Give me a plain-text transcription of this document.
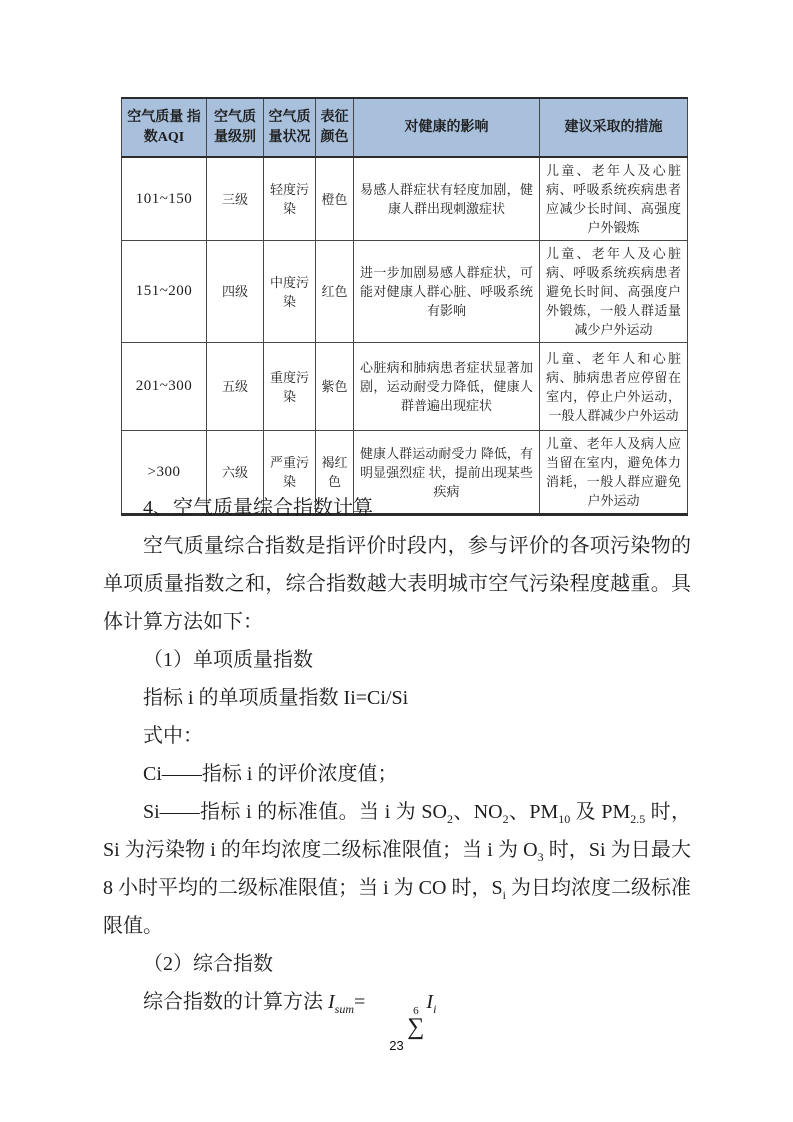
空气质量 指数AQI	空气质量级别	空气质量状况	表征颜色	对健康的影响	建议采取的措施
101~150	三级	轻度污染	橙色	易感人群症状有轻度加剧，健康人群出现刺激症状	儿童、老年人及心脏病、呼吸系统疾病患者应减少长时间、高强度户外锻炼
151~200	四级	中度污染	红色	进一步加剧易感人群症状，可能对健康人群心脏、呼吸系统有影响	儿童、老年人及心脏病、呼吸系统疾病患者避免长时间、高强度户外锻炼，一般人群适量减少户外运动
201~300	五级	重度污染	紫色	心脏病和肺病患者症状显著加剧，运动耐受力降低，健康人群普遍出现症状	儿童、老年人和心脏病、肺病患者应停留在室内，停止户外运动，一般人群减少户外运动
>300	六级	严重污染	褐红色	健康人群运动耐受力 降低，有明显强烈症 状，提前出现某些疾病	儿童、老年人及病人应当留在室内，避免体力消耗，一般人群应避免户外运动

4、空气质量综合指数计算

空气质量综合指数是指评价时段内，参与评价的各项污染物的单项质量指数之和，综合指数越大表明城市空气污染程度越重。具体计算方法如下：

（1）单项质量指数

指标 i 的单项质量指数 Ii=Ci/Si

式中：

Ci——指标 i 的评价浓度值；

Si——指标 i 的标准值。当 i 为 $SO_2$、$NO_2$、$PM_{10}$ 及 $PM_{2.5}$ 时，Si 为污染物 i 的年均浓度二级标准限值；当 i 为 $O_3$ 时，Si 为日最大 8 小时平均的二级标准限值；当 i 为 CO 时，$S_i$ 为日均浓度二级标准限值。

（2）综合指数

综合指数的计算方法 $I_{sum}=$	6
∑
$I_i$

23
